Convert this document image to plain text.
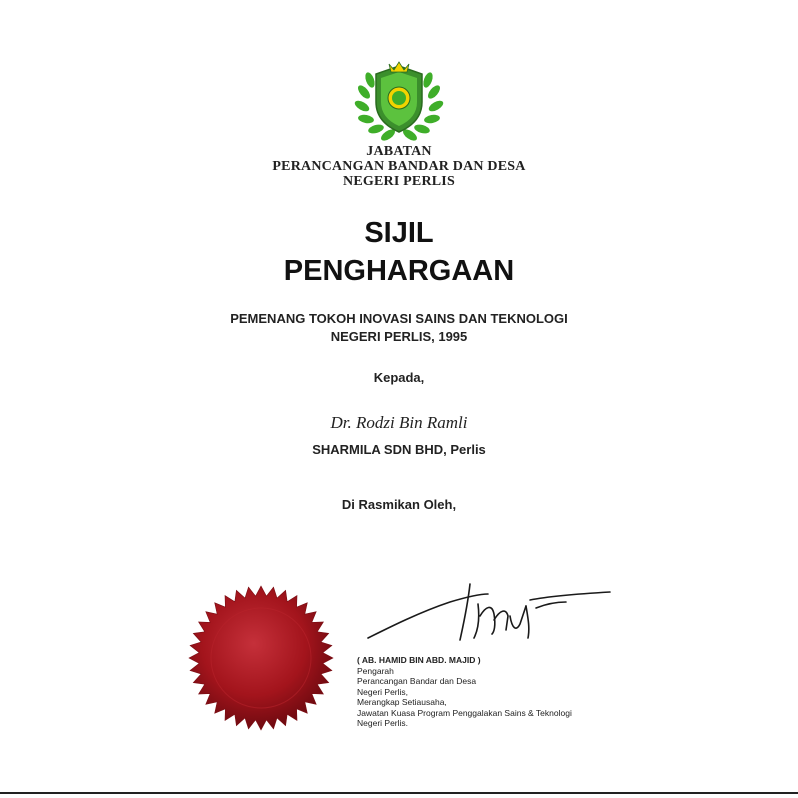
JABATAN
PERANCANGAN BANDAR DAN DESA
NEGERI PERLIS
SIJIL
PENGHARGAAN
PEMENANG TOKOH INOVASI SAINS DAN TEKNOLOGI
NEGERI PERLIS, 1995
Kepada,
Dr. Rodzi Bin Ramli
SHARMILA SDN BHD, Perlis
Di Rasmikan Oleh,
( AB. HAMID BIN ABD. MAJID )
Pengarah
Perancangan Bandar dan Desa
Negeri Perlis,
Merangkap Setiausaha,
Jawatan Kuasa Program Penggalakan Sains & Teknologi
Negeri Perlis.
